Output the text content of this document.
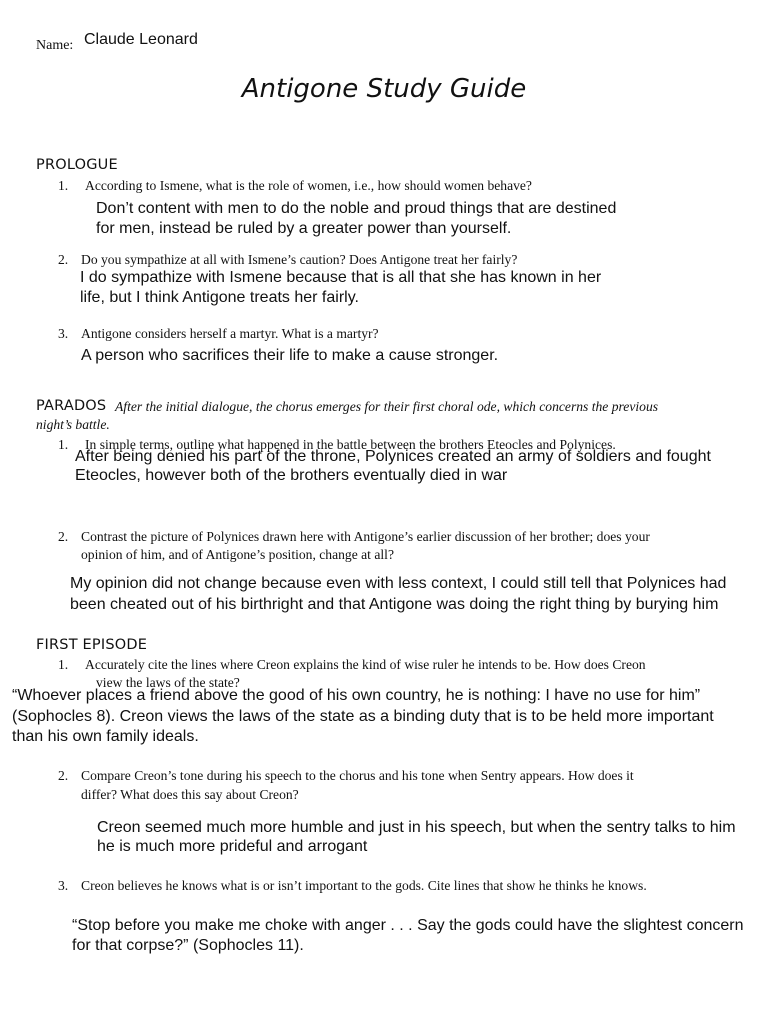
Name: Claude Leonard
Antigone Study Guide
PROLOGUE
1. According to Ismene, what is the role of women, i.e., how should women behave?
Don’t content with men to do the noble and proud things that are destined
for men, instead be ruled by a greater power than yourself.
2. Do you sympathize at all with Ismene’s caution? Does Antigone treat her fairly?
I do sympathize with Ismene because that is all that she has known in her
life, but I think Antigone treats her fairly.
3. Antigone considers herself a martyr. What is a martyr?
A person who sacrifices their life to make a cause stronger.
PARADOS After the initial dialogue, the chorus emerges for their first choral ode, which concerns the previous
night’s battle.
1. In simple terms, outline what happened in the battle between the brothers Eteocles and Polynices.
After being denied his part of the throne, Polynices created an army of soldiers and fought
Eteocles, however both of the brothers eventually died in war
2. Contrast the picture of Polynices drawn here with Antigone’s earlier discussion of her brother; does your
opinion of him, and of Antigone’s position, change at all?
My opinion did not change because even with less context, I could still tell that Polynices had
been cheated out of his birthright and that Antigone was doing the right thing by burying him
FIRST EPISODE
1. Accurately cite the lines where Creon explains the kind of wise ruler he intends to be. How does Creon
view the laws of the state?
“Whoever places a friend above the good of his own country, he is nothing: I have no use for him”
(Sophocles 8). Creon views the laws of the state as a binding duty that is to be held more important
than his own family ideals.
2. Compare Creon’s tone during his speech to the chorus and his tone when Sentry appears. How does it
differ? What does this say about Creon?
Creon seemed much more humble and just in his speech, but when the sentry talks to him
he is much more prideful and arrogant
3. Creon believes he knows what is or isn’t important to the gods. Cite lines that show he thinks he knows.
“Stop before you make me choke with anger . . . Say the gods could have the slightest concern
for that corpse?” (Sophocles 11).
